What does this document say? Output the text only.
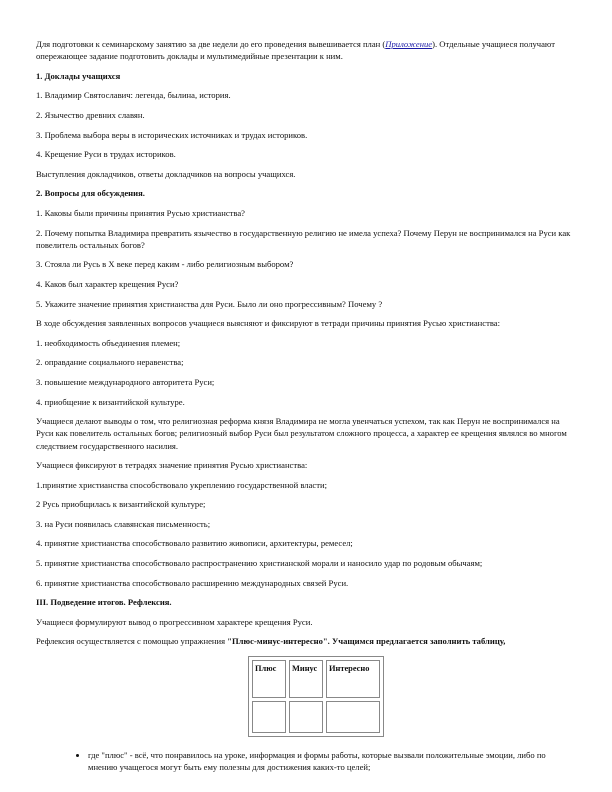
Для подготовки к семинарскому занятию за две недели до его проведения вывешивается план (Приложение). Отдельные учащиеся получают опережающее задание подготовить доклады и мультимедийные презентации к ним.

1. Доклады учащихся

1. Владимир Святославич: легенда, былина, история.

2. Язычество древних славян.

3. Проблема выбора веры в исторических источниках и трудах историков.

4. Крещение Руси в трудах историков.

Выступления докладчиков, ответы докладчиков на вопросы учащихся.

2. Вопросы для обсуждения.

1. Каковы были причины принятия Русью христианства?

2. Почему попытка Владимира превратить язычество в государственную религию не имела успеха? Почему Перун не воспринимался на Руси как повелитель остальных богов?

3. Стояла ли Русь в X веке перед каким - либо религиозным выбором?

4. Каков был характер крещения Руси?

5. Укажите значение принятия христианства для Руси. Было ли оно прогрессивным? Почему ?

В ходе обсуждения заявленных вопросов учащиеся выясняют и фиксируют в тетради причины принятия Русью христианства:

1. необходимость объединения племен;

2. оправдание социального неравенства;

3. повышение международного авторитета Руси;

4. приобщение к византийской культуре.

Учащиеся делают выводы о том, что религиозная реформа князя Владимира не могла увенчаться успехом, так как Перун не воспринимался на Руси как повелитель остальных богов; религиозный выбор Руси был результатом сложного процесса, а характер ее крещения являлся во многом следствием государственного насилия.

Учащиеся фиксируют в тетрадях значение принятия Русью христианства:

1.принятие христианства способствовало укреплению государственной власти;

2 Русь приобщилась к византийской культуре;

3. на Руси появилась славянская письменность;

4. принятие христианства способствовало развитию живописи, архитектуры, ремесел;

5. принятие христианства способствовало распространению христианской морали и наносило удар по родовым обычаям;

6. принятие христианства способствовало расширению международных связей Руси.

III. Подведение итогов. Рефлексия.

Учащиеся формулируют вывод о прогрессивном характере крещения Руси.

Рефлексия осуществляется с помощью упражнения "Плюс-минус-интересно". Учащимся предлагается заполнить таблицу,

Плюс	Минус	Интересно

• где "плюс" - всё, что понравилось на уроке, информация и формы работы, которые вызвали положительные эмоции, либо по мнению учащегося могут быть ему полезны для достижения каких-то целей;
